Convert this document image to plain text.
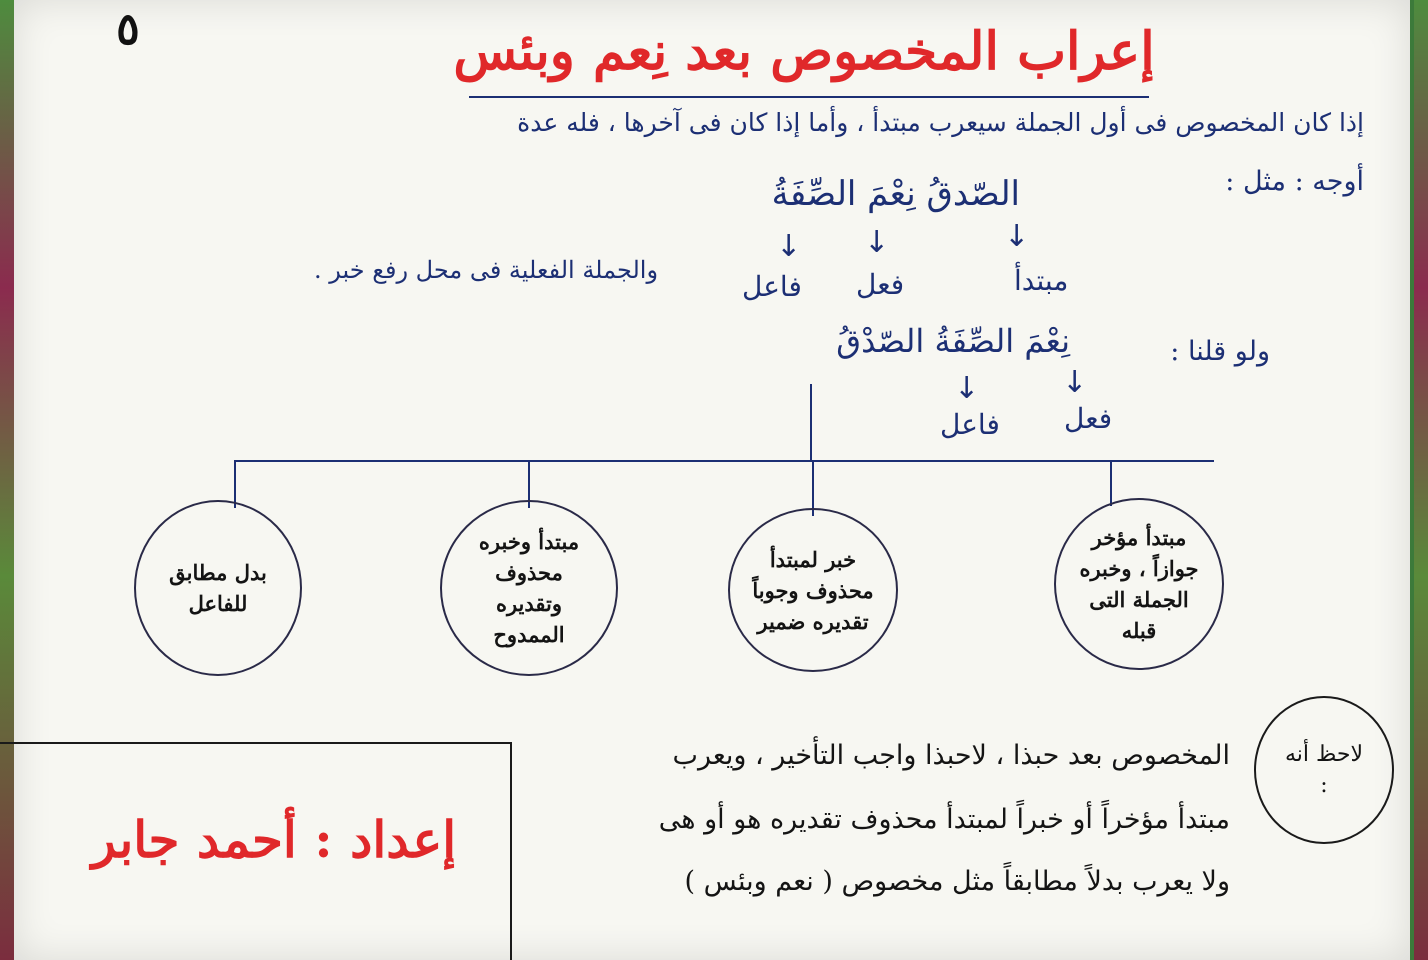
٥	إعراب المخصوص بعد نِعم وبئس
إذا كان المخصوص فى أول الجملة سيعرب مبتدأ ، وأما إذا كان فى آخرها ، فله عدة
أوجه : مثل :
الصّدقُ نِعْمَ الصِّفَةُ
↓
↓
↓
مبتدأ
فعل
فاعل
والجملة الفعلية فى محل رفع خبر .
ولو قلنا :
نِعْمَ الصِّفَةُ الصّدْقُ
↓
↓
فعل
فاعل
مبتدأ مؤخر جوازاً ، وخبره الجملة التى قبله
خبر لمبتدأ محذوف وجوباً تقديره ضمير
مبتدأ وخبره محذوف وتقديره الممدوح
بدل مطابق للفاعل
إعداد : أحمد جابر
لاحظ أنه :
المخصوص بعد حبذا ، لاحبذا واجب التأخير ، ويعرب
مبتدأ مؤخراً أو خبراً لمبتدأ محذوف تقديره هو أو هى
ولا يعرب بدلاً مطابقاً مثل مخصوص ( نعم وبئس )
